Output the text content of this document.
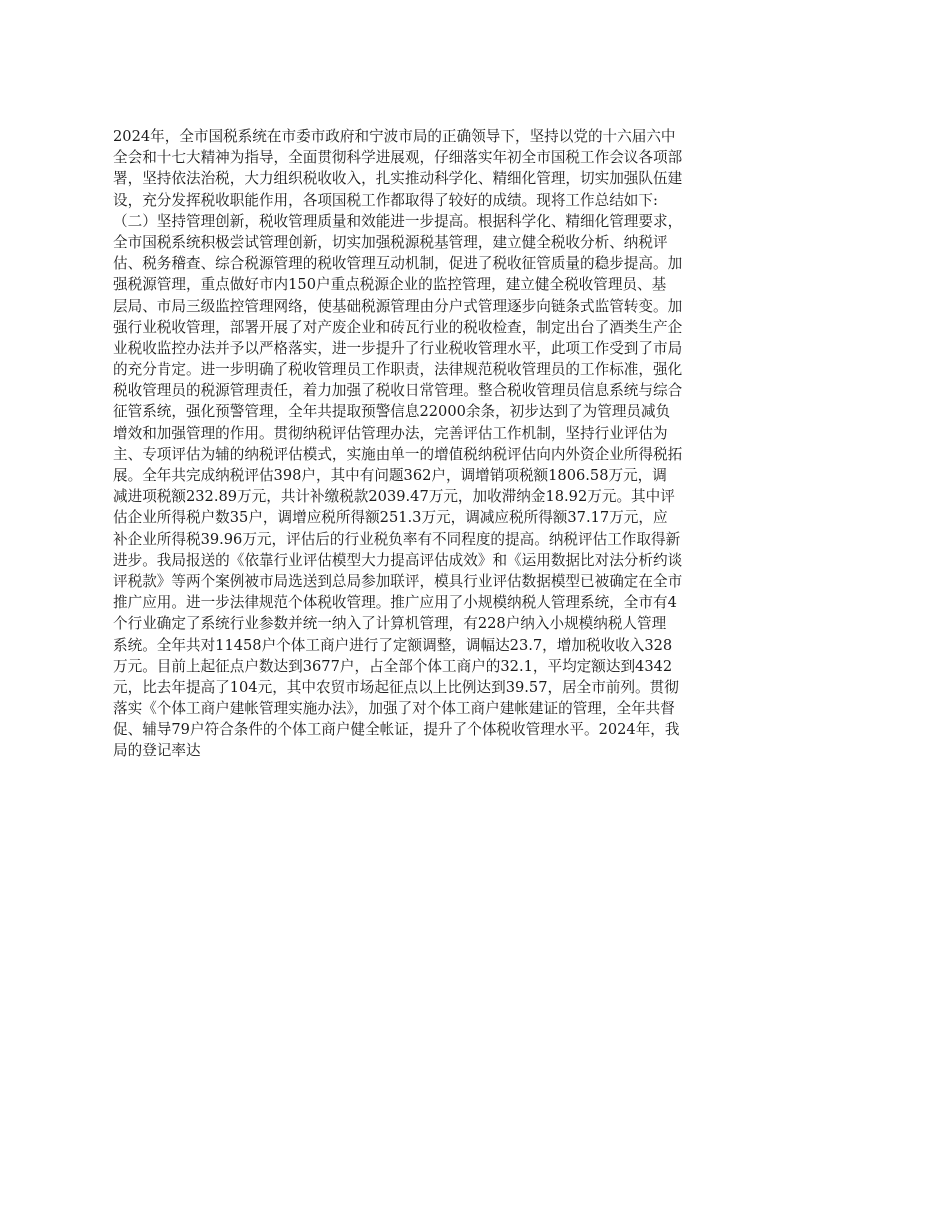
2024年，全市国税系统在市委市政府和宁波市局的正确领导下，坚持以党的十六届六中
全会和十七大精神为指导，全面贯彻科学进展观，仔细落实年初全市国税工作会议各项部
署，坚持依法治税，大力组织税收收入，扎实推动科学化、精细化管理，切实加强队伍建
设，充分发挥税收职能作用，各项国税工作都取得了较好的成绩。现将工作总结如下:
（二）坚持管理创新，税收管理质量和效能进一步提高。根据科学化、精细化管理要求，
全市国税系统积极尝试管理创新，切实加强税源税基管理，建立健全税收分析、纳税评
估、税务稽查、综合税源管理的税收管理互动机制，促进了税收征管质量的稳步提高。加
强税源管理，重点做好市内150户重点税源企业的监控管理，建立健全税收管理员、基
层局、市局三级监控管理网络，使基础税源管理由分户式管理逐步向链条式监管转变。加
强行业税收管理，部署开展了对产废企业和砖瓦行业的税收检查，制定出台了酒类生产企
业税收监控办法并予以严格落实，进一步提升了行业税收管理水平，此项工作受到了市局
的充分肯定。进一步明确了税收管理员工作职责，法律规范税收管理员的工作标准，强化
税收管理员的税源管理责任，着力加强了税收日常管理。整合税收管理员信息系统与综合
征管系统，强化预警管理，全年共提取预警信息22000余条，初步达到了为管理员减负
增效和加强管理的作用。贯彻纳税评估管理办法，完善评估工作机制，坚持行业评估为
主、专项评估为辅的纳税评估模式，实施由单一的增值税纳税评估向内外资企业所得税拓
展。全年共完成纳税评估398户，其中有问题362户，调增销项税额1806.58万元，调
减进项税额232.89万元，共计补缴税款2039.47万元，加收滞纳金18.92万元。其中评
估企业所得税户数35户，调增应税所得额251.3万元，调减应税所得额37.17万元，应
补企业所得税39.96万元，评估后的行业税负率有不同程度的提高。纳税评估工作取得新
进步。我局报送的《依靠行业评估模型大力提高评估成效》和《运用数据比对法分析约谈
评税款》等两个案例被市局选送到总局参加联评，模具行业评估数据模型已被确定在全市
推广应用。进一步法律规范个体税收管理。推广应用了小规模纳税人管理系统，全市有4
个行业确定了系统行业参数并统一纳入了计算机管理，有228户纳入小规模纳税人管理
系统。全年共对11458户个体工商户进行了定额调整，调幅达23.7，增加税收收入328
万元。目前上起征点户数达到3677户，占全部个体工商户的32.1，平均定额达到4342
元，比去年提高了104元，其中农贸市场起征点以上比例达到39.57，居全市前列。贯彻
落实《个体工商户建帐管理实施办法》，加强了对个体工商户建帐建证的管理，全年共督
促、辅导79户符合条件的个体工商户健全帐证，提升了个体税收管理水平。2024年，我
局的登记率达
